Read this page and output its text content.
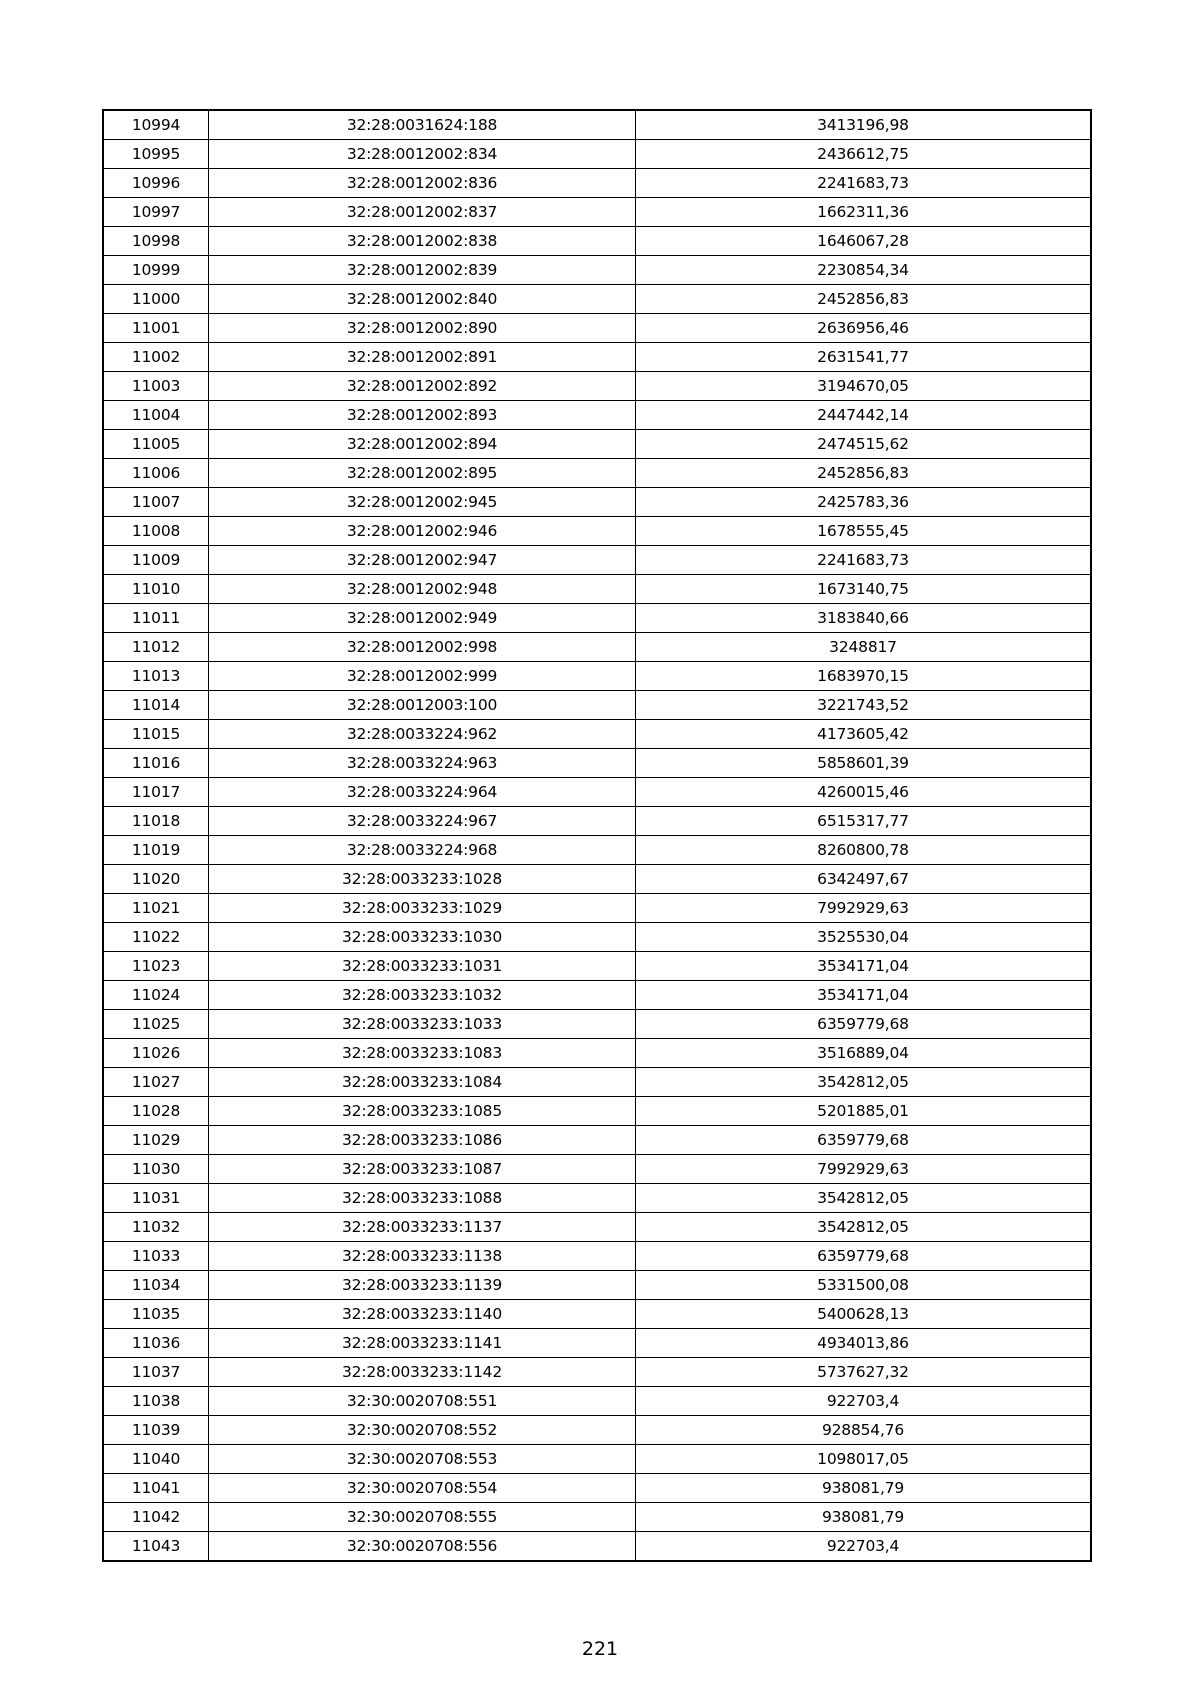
10994	32:28:0031624:188	3413196,98
10995	32:28:0012002:834	2436612,75
10996	32:28:0012002:836	2241683,73
10997	32:28:0012002:837	1662311,36
10998	32:28:0012002:838	1646067,28
10999	32:28:0012002:839	2230854,34
11000	32:28:0012002:840	2452856,83
11001	32:28:0012002:890	2636956,46
11002	32:28:0012002:891	2631541,77
11003	32:28:0012002:892	3194670,05
11004	32:28:0012002:893	2447442,14
11005	32:28:0012002:894	2474515,62
11006	32:28:0012002:895	2452856,83
11007	32:28:0012002:945	2425783,36
11008	32:28:0012002:946	1678555,45
11009	32:28:0012002:947	2241683,73
11010	32:28:0012002:948	1673140,75
11011	32:28:0012002:949	3183840,66
11012	32:28:0012002:998	3248817
11013	32:28:0012002:999	1683970,15
11014	32:28:0012003:100	3221743,52
11015	32:28:0033224:962	4173605,42
11016	32:28:0033224:963	5858601,39
11017	32:28:0033224:964	4260015,46
11018	32:28:0033224:967	6515317,77
11019	32:28:0033224:968	8260800,78
11020	32:28:0033233:1028	6342497,67
11021	32:28:0033233:1029	7992929,63
11022	32:28:0033233:1030	3525530,04
11023	32:28:0033233:1031	3534171,04
11024	32:28:0033233:1032	3534171,04
11025	32:28:0033233:1033	6359779,68
11026	32:28:0033233:1083	3516889,04
11027	32:28:0033233:1084	3542812,05
11028	32:28:0033233:1085	5201885,01
11029	32:28:0033233:1086	6359779,68
11030	32:28:0033233:1087	7992929,63
11031	32:28:0033233:1088	3542812,05
11032	32:28:0033233:1137	3542812,05
11033	32:28:0033233:1138	6359779,68
11034	32:28:0033233:1139	5331500,08
11035	32:28:0033233:1140	5400628,13
11036	32:28:0033233:1141	4934013,86
11037	32:28:0033233:1142	5737627,32
11038	32:30:0020708:551	922703,4
11039	32:30:0020708:552	928854,76
11040	32:30:0020708:553	1098017,05
11041	32:30:0020708:554	938081,79
11042	32:30:0020708:555	938081,79
11043	32:30:0020708:556	922703,4
221
